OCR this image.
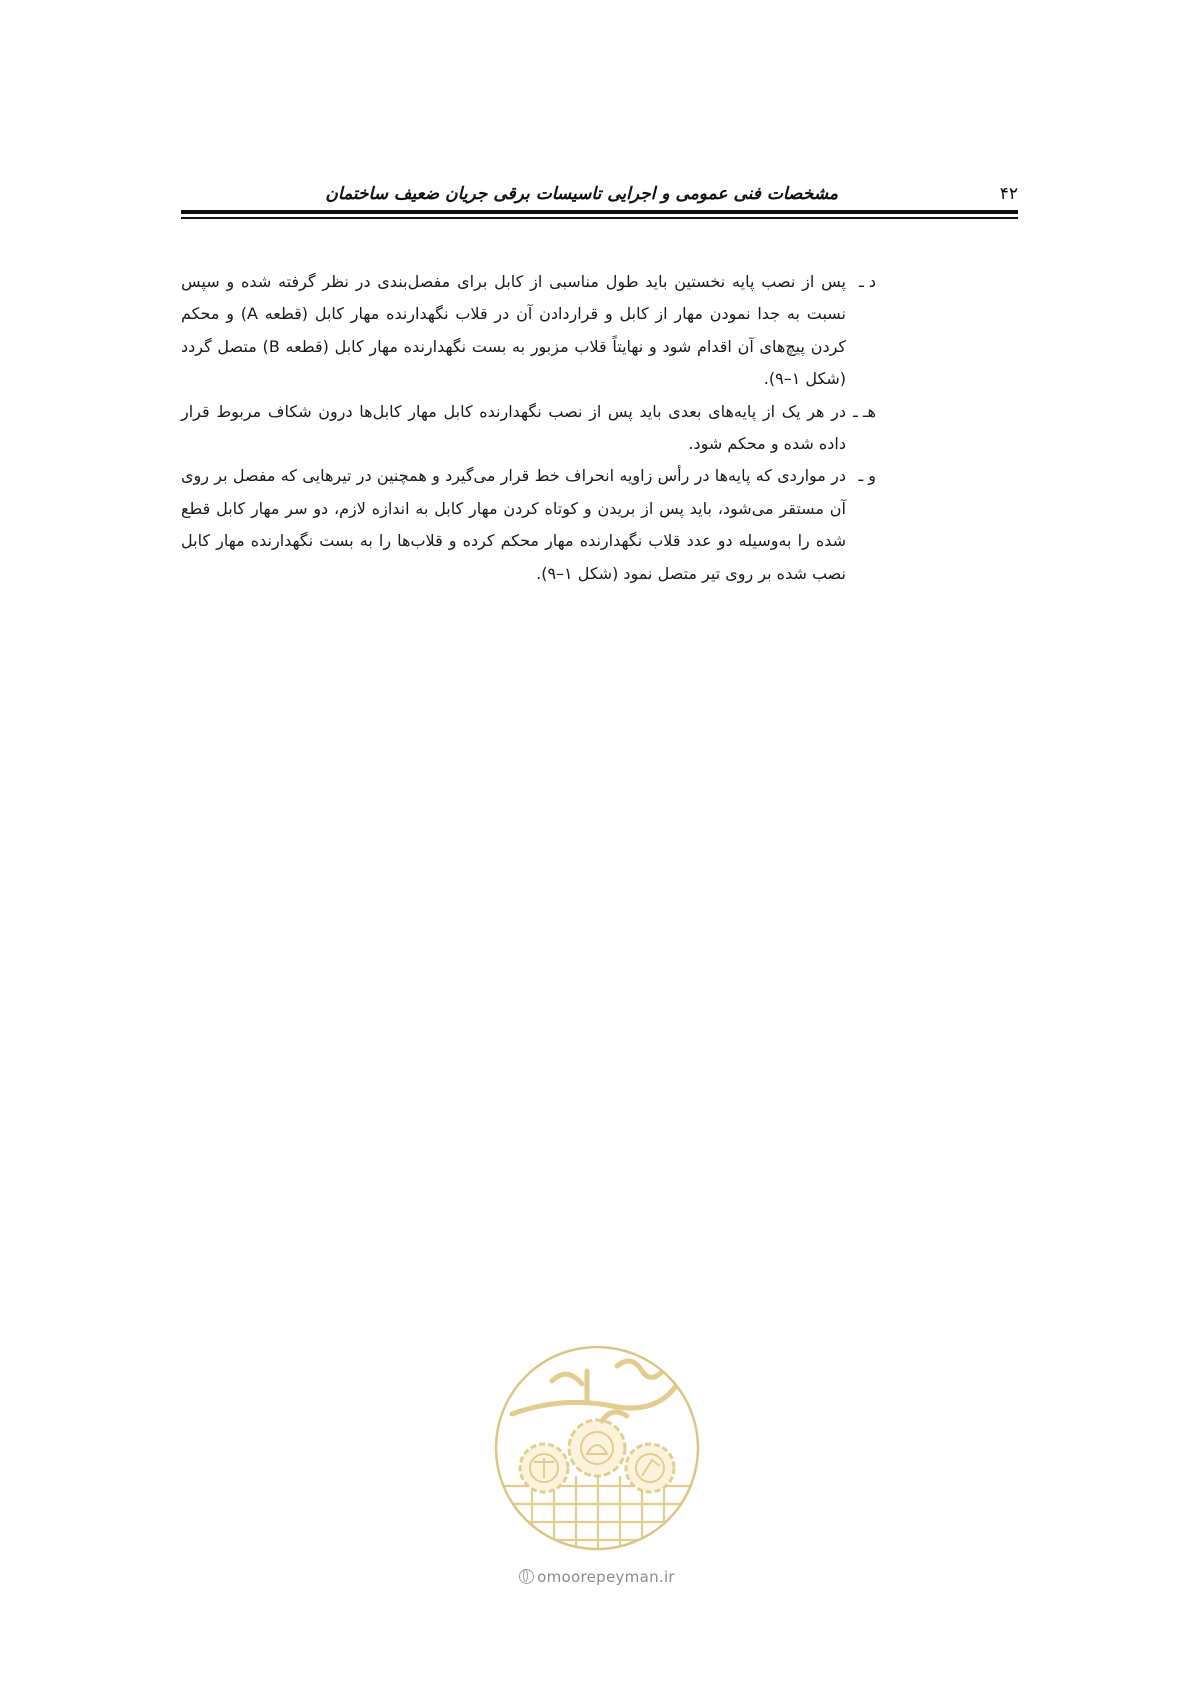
مشخصات فنی عمومی و اجرایی تاسیسات برقی جریان ضعیف ساختمان	۴۲

د ـپس از نصب پایه نخستین باید طول مناسبی از کابل برای مفصل‌بندی در نظر گرفته شده و سپس نسبت به جدا نمودن مهار از کابل و قراردادن آن در قلاب نگهدارنده مهار کابل (قطعه A) و محکم کردن پیچ‌های آن اقدام شود و نهایتاً قلاب مزبور به بست نگهدارنده مهار کابل (قطعه B) متصل گردد (شکل ۱–۹).

هـ ـدر هر یک از پایه‌های بعدی باید پس از نصب نگهدارنده کابل مهار کابل‌ها درون شکاف مربوط قرار داده شده و محکم شود.

و ـدر مواردی که پایه‌ها در رأس زاویه انحراف خط قرار می‌گیرد و همچنین در تیرهایی که مفصل بر روی آن مستقر می‌شود، باید پس از بریدن و کوتاه کردن مهار کابل به اندازه لازم، دو سر مهار کابل قطع شده را به‌وسیله دو عدد قلاب نگهدارنده مهار محکم کرده و قلاب‌ها را به بست نگهدارنده مهار کابل نصب شده بر روی تیر متصل نمود (شکل ۱–۹).

omoorepeyman.ir
